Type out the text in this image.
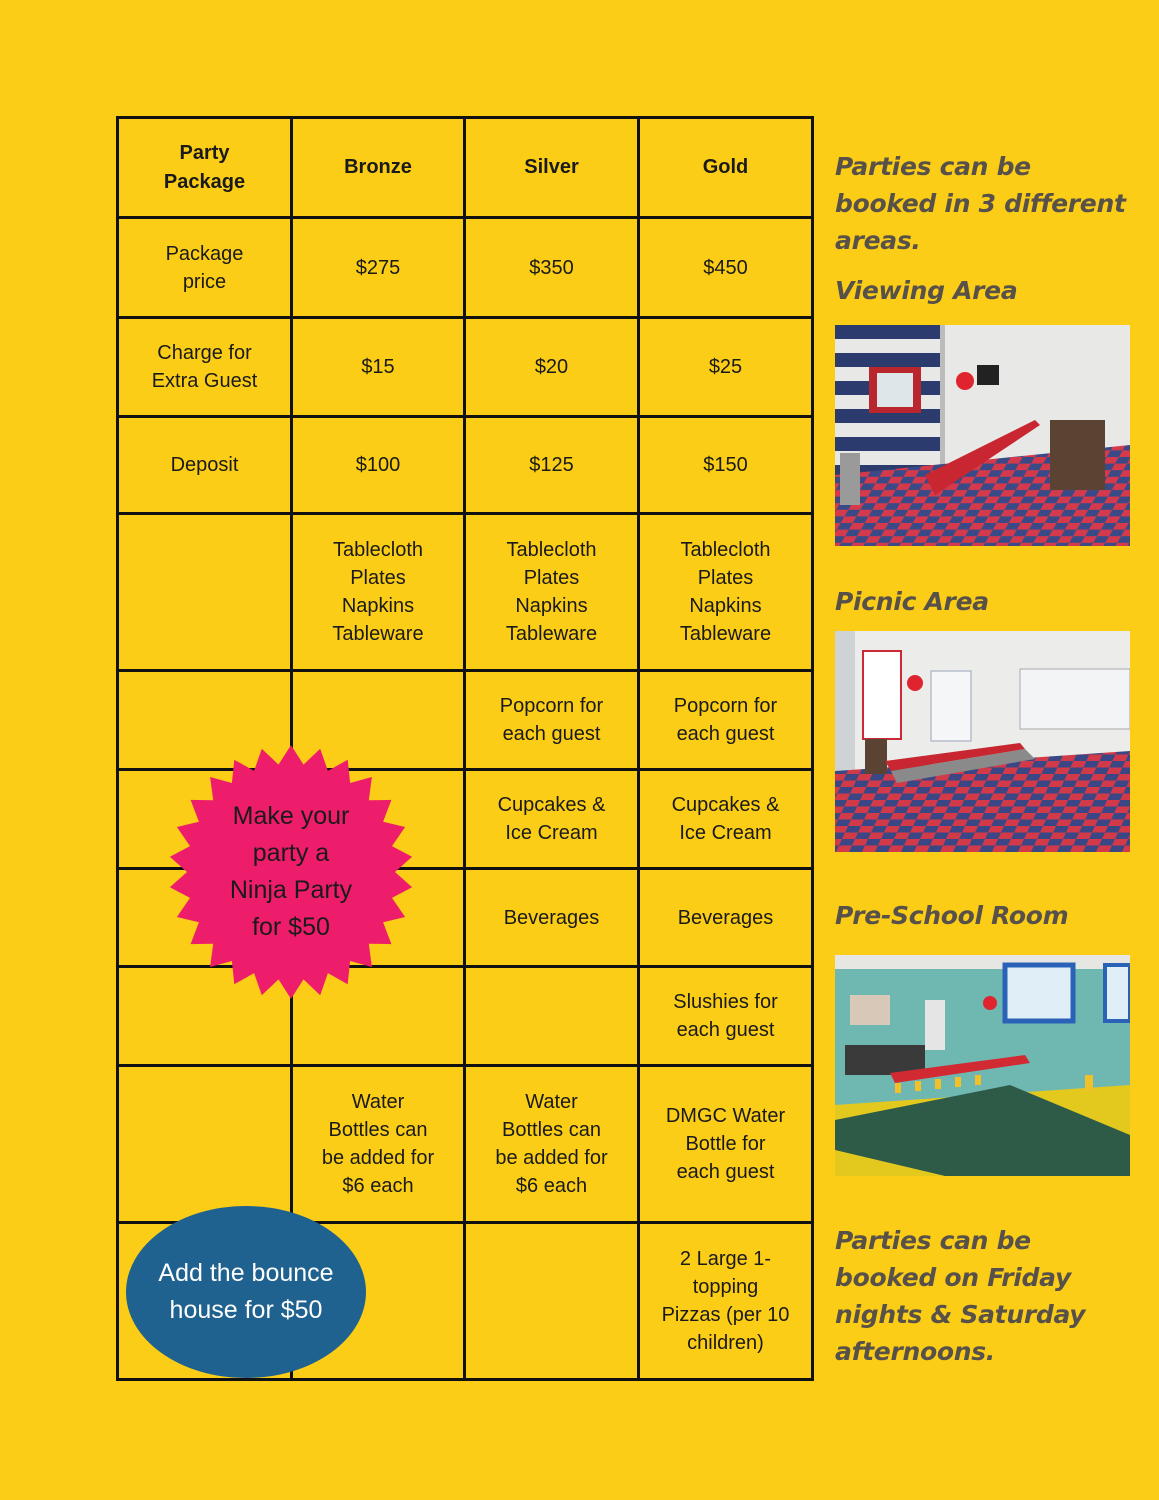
Party
Package	Bronze	Silver	Gold
Package
price	$275	$350	$450
Charge for
Extra Guest	$15	$20	$25
Deposit	$100	$125	$150
	Tablecloth
Plates
Napkins
Tableware	Tablecloth
Plates
Napkins
Tableware	Tablecloth
Plates
Napkins
Tableware
		Popcorn for
each guest	Popcorn for
each guest
		Cupcakes &
Ice Cream	Cupcakes &
Ice Cream
		Beverages	Beverages
			Slushies for
each guest
	Water
Bottles can
be added for
$6 each	Water
Bottles can
be added for
$6 each	DMGC Water
Bottle for
each guest
			2 Large 1-
topping
Pizzas (per 10
children)
Make your
party a
Ninja Party
for $50
Add the bounce
house for $50
Parties can be booked in 3 different areas.
Viewing Area
Picnic Area
Pre-School Room
Parties can be booked on Friday nights & Saturday afternoons.
